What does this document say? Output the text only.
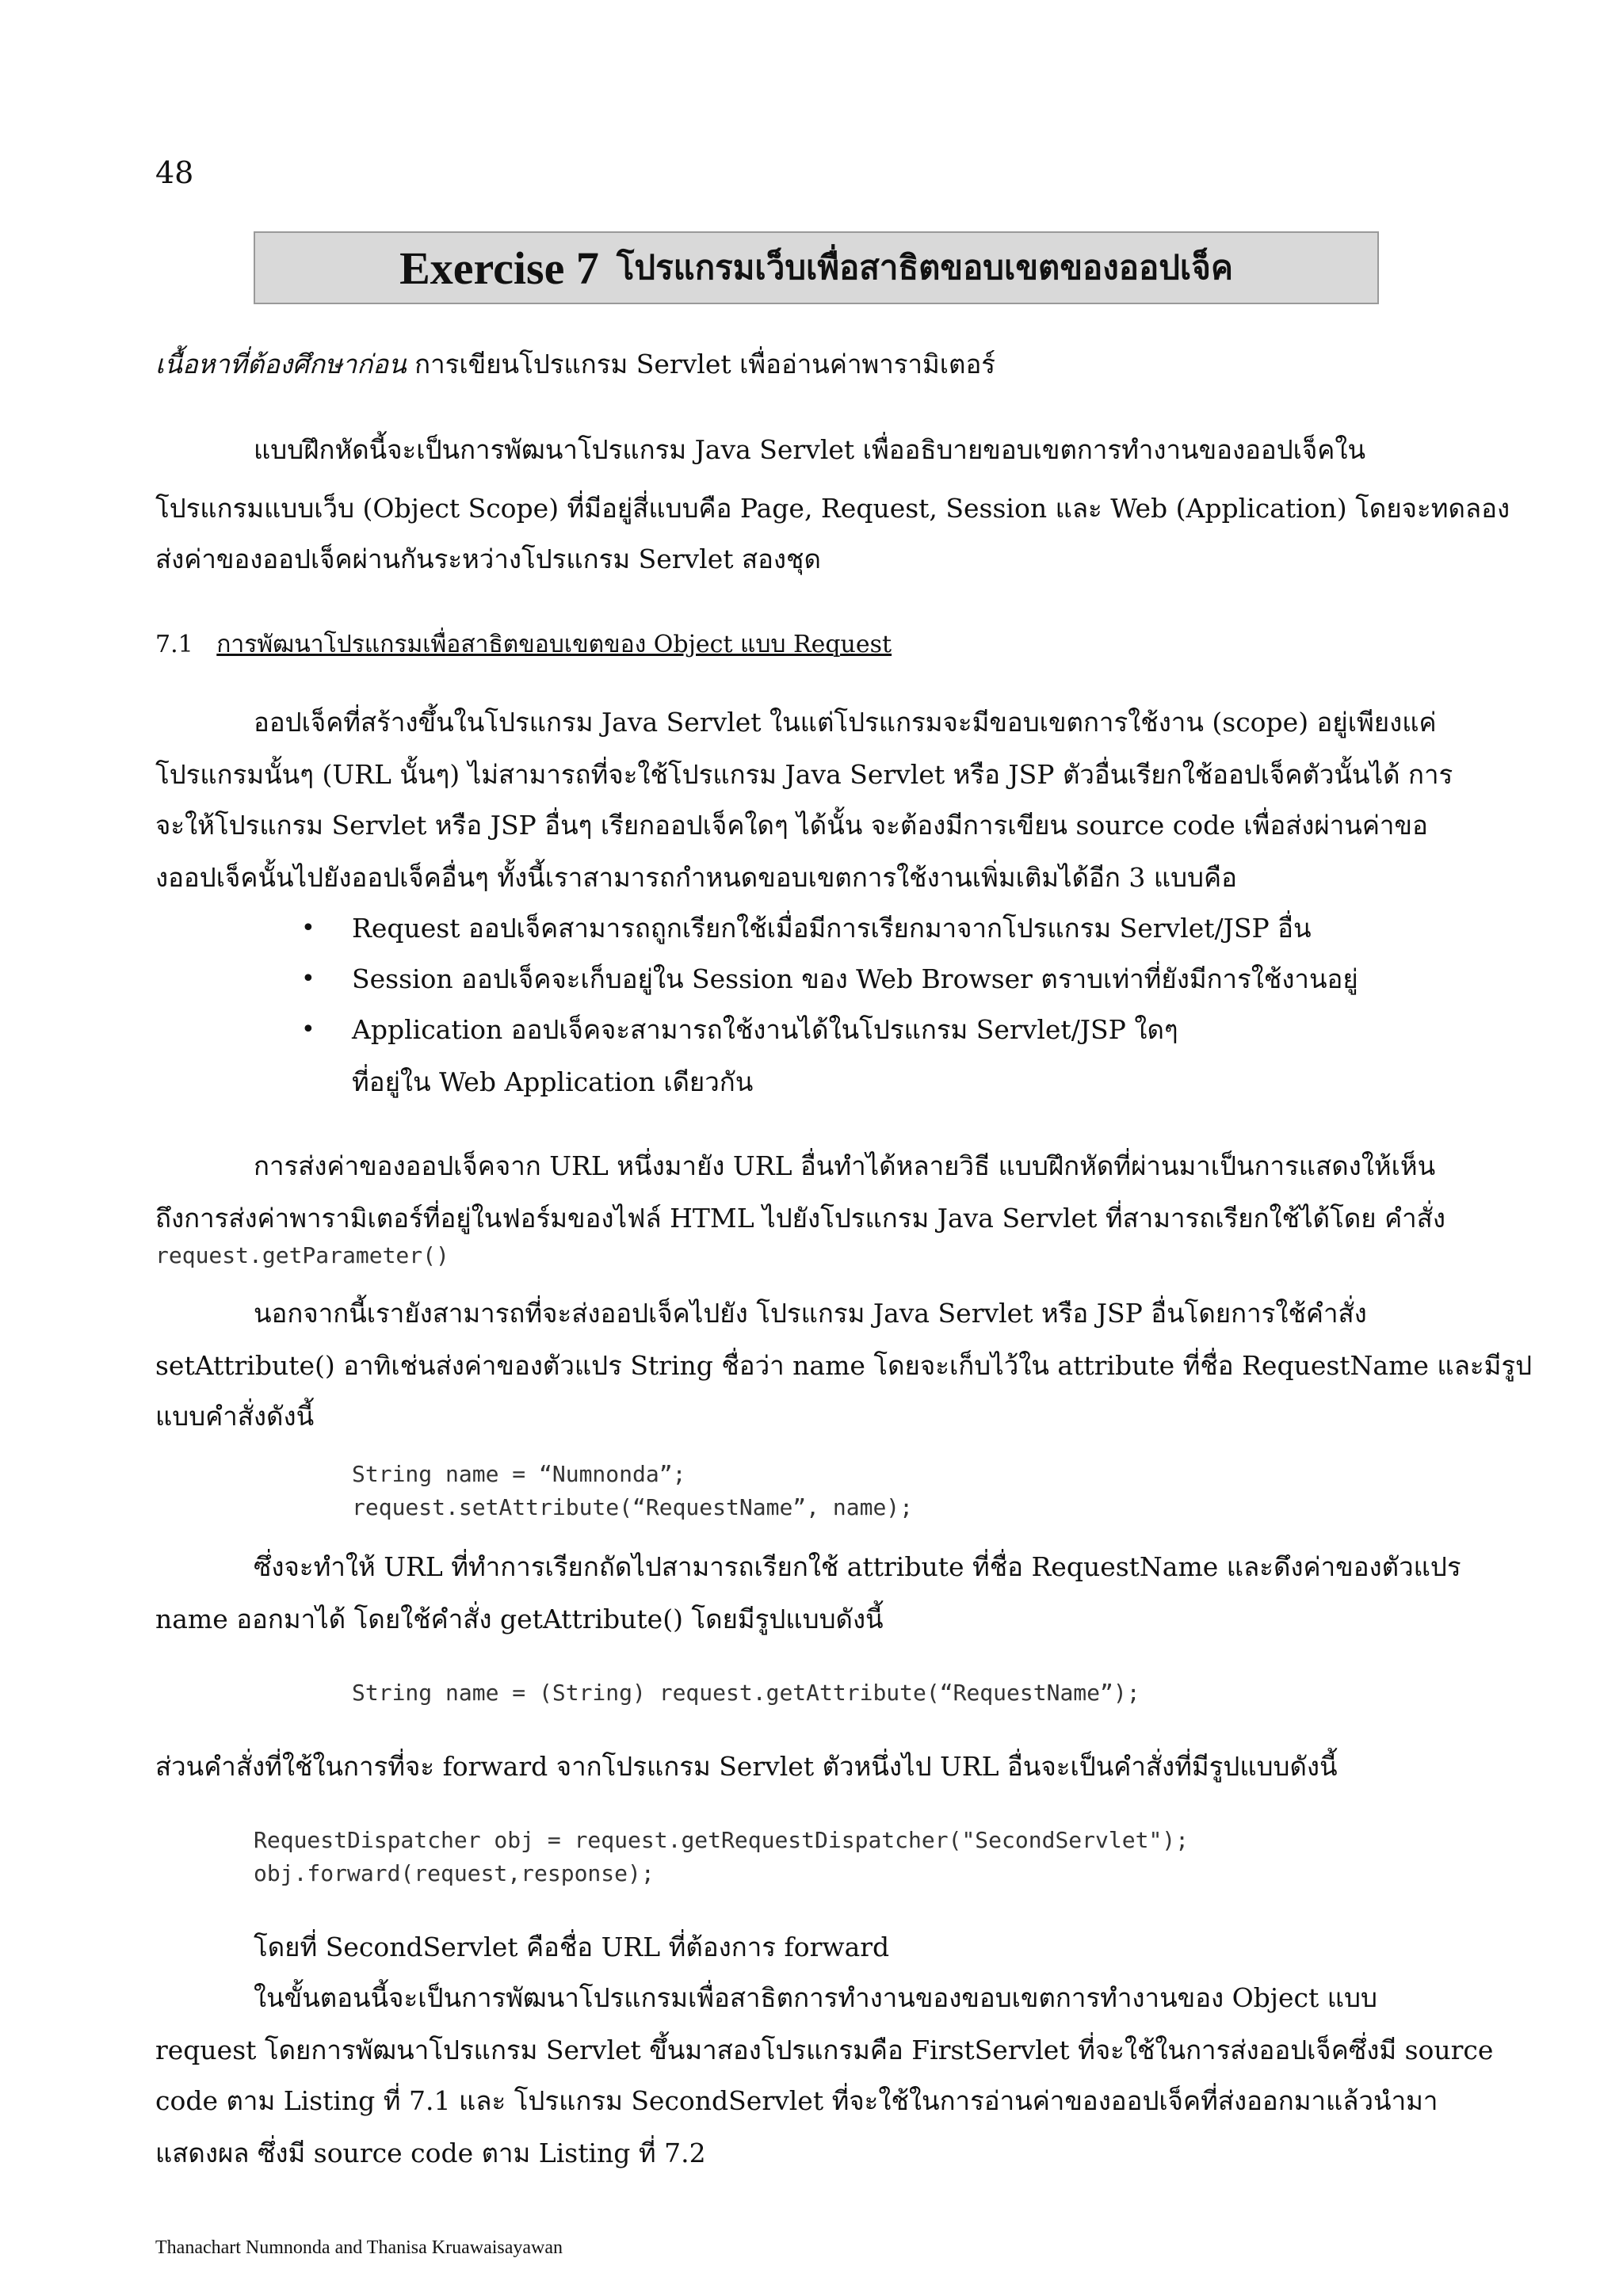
48
Exercise 7 โปรแกรมเว็บเพื่อสาธิตขอบเขตของออปเจ็ค
เนื้อหาที่ต้องศึกษาก่อน การเขียนโปรแกรม Servlet เพื่ออ่านค่าพารามิเตอร์
แบบฝึกหัดนี้จะเป็นการพัฒนาโปรแกรม Java Servlet เพื่ออธิบายขอบเขตการทำงานของออปเจ็คใน
โปรแกรมแบบเว็บ (Object Scope) ที่มีอยู่สี่แบบคือ Page, Request, Session และ Web (Application) โดยจะทดลอง
ส่งค่าของออปเจ็คผ่านกันระหว่างโปรแกรม Servlet สองชุด
7.1 การพัฒนาโปรแกรมเพื่อสาธิตขอบเขตของ Object แบบ Request
ออปเจ็คที่สร้างขึ้นในโปรแกรม Java Servlet ในแต่โปรแกรมจะมีขอบเขตการใช้งาน (scope) อยู่เพียงแค่
โปรแกรมนั้นๆ (URL นั้นๆ) ไม่สามารถที่จะใช้โปรแกรม Java Servlet หรือ JSP ตัวอื่นเรียกใช้ออปเจ็คตัวนั้นได้ การ
จะให้โปรแกรม Servlet หรือ JSP อื่นๆ เรียกออปเจ็คใดๆ ได้นั้น จะต้องมีการเขียน source code เพื่อส่งผ่านค่าขอ
งออปเจ็คนั้นไปยังออปเจ็คอื่นๆ ทั้งนี้เราสามารถกำหนดขอบเขตการใช้งานเพิ่มเติมได้อีก 3 แบบคือ
• Request ออปเจ็คสามารถถูกเรียกใช้เมื่อมีการเรียกมาจากโปรแกรม Servlet/JSP อื่น
• Session ออปเจ็คจะเก็บอยู่ใน Session ของ Web Browser ตราบเท่าที่ยังมีการใช้งานอยู่
• Application ออปเจ็คจะสามารถใช้งานได้ในโปรแกรม Servlet/JSP ใดๆ
ที่อยู่ใน Web Application เดียวกัน
การส่งค่าของออปเจ็คจาก URL หนึ่งมายัง URL อื่นทำได้หลายวิธี แบบฝึกหัดที่ผ่านมาเป็นการแสดงให้เห็น
ถึงการส่งค่าพารามิเตอร์ที่อยู่ในฟอร์มของไฟล์ HTML ไปยังโปรแกรม Java Servlet ที่สามารถเรียกใช้ได้โดย คำสั่ง
request.getParameter()
นอกจากนี้เรายังสามารถที่จะส่งออปเจ็คไปยัง โปรแกรม Java Servlet หรือ JSP อื่นโดยการใช้คำสั่ง
setAttribute() อาทิเช่นส่งค่าของตัวแปร String ชื่อว่า name โดยจะเก็บไว้ใน attribute ที่ชื่อ RequestName และมีรูป
แบบคำสั่งดังนี้
String name = “Numnonda”;
request.setAttribute(“RequestName”, name);
ซึ่งจะทำให้ URL ที่ทำการเรียกถัดไปสามารถเรียกใช้ attribute ที่ชื่อ RequestName และดึงค่าของตัวแปร
name ออกมาได้ โดยใช้คำสั่ง getAttribute() โดยมีรูปแบบดังนี้
String name = (String) request.getAttribute(“RequestName”);
ส่วนคำสั่งที่ใช้ในการที่จะ forward จากโปรแกรม Servlet ตัวหนึ่งไป URL อื่นจะเป็นคำสั่งที่มีรูปแบบดังนี้
RequestDispatcher obj = request.getRequestDispatcher("SecondServlet");
obj.forward(request,response);
โดยที่ SecondServlet คือชื่อ URL ที่ต้องการ forward
ในขั้นตอนนี้จะเป็นการพัฒนาโปรแกรมเพื่อสาธิตการทำงานของขอบเขตการทำงานของ Object แบบ
request โดยการพัฒนาโปรแกรม Servlet ขึ้นมาสองโปรแกรมคือ FirstServlet ที่จะใช้ในการส่งออปเจ็คซึ่งมี source
code ตาม Listing ที่ 7.1 และ โปรแกรม SecondServlet ที่จะใช้ในการอ่านค่าของออปเจ็คที่ส่งออกมาแล้วนำมา
แสดงผล ซึ่งมี source code ตาม Listing ที่ 7.2
Thanachart Numnonda and Thanisa Kruawaisayawan
